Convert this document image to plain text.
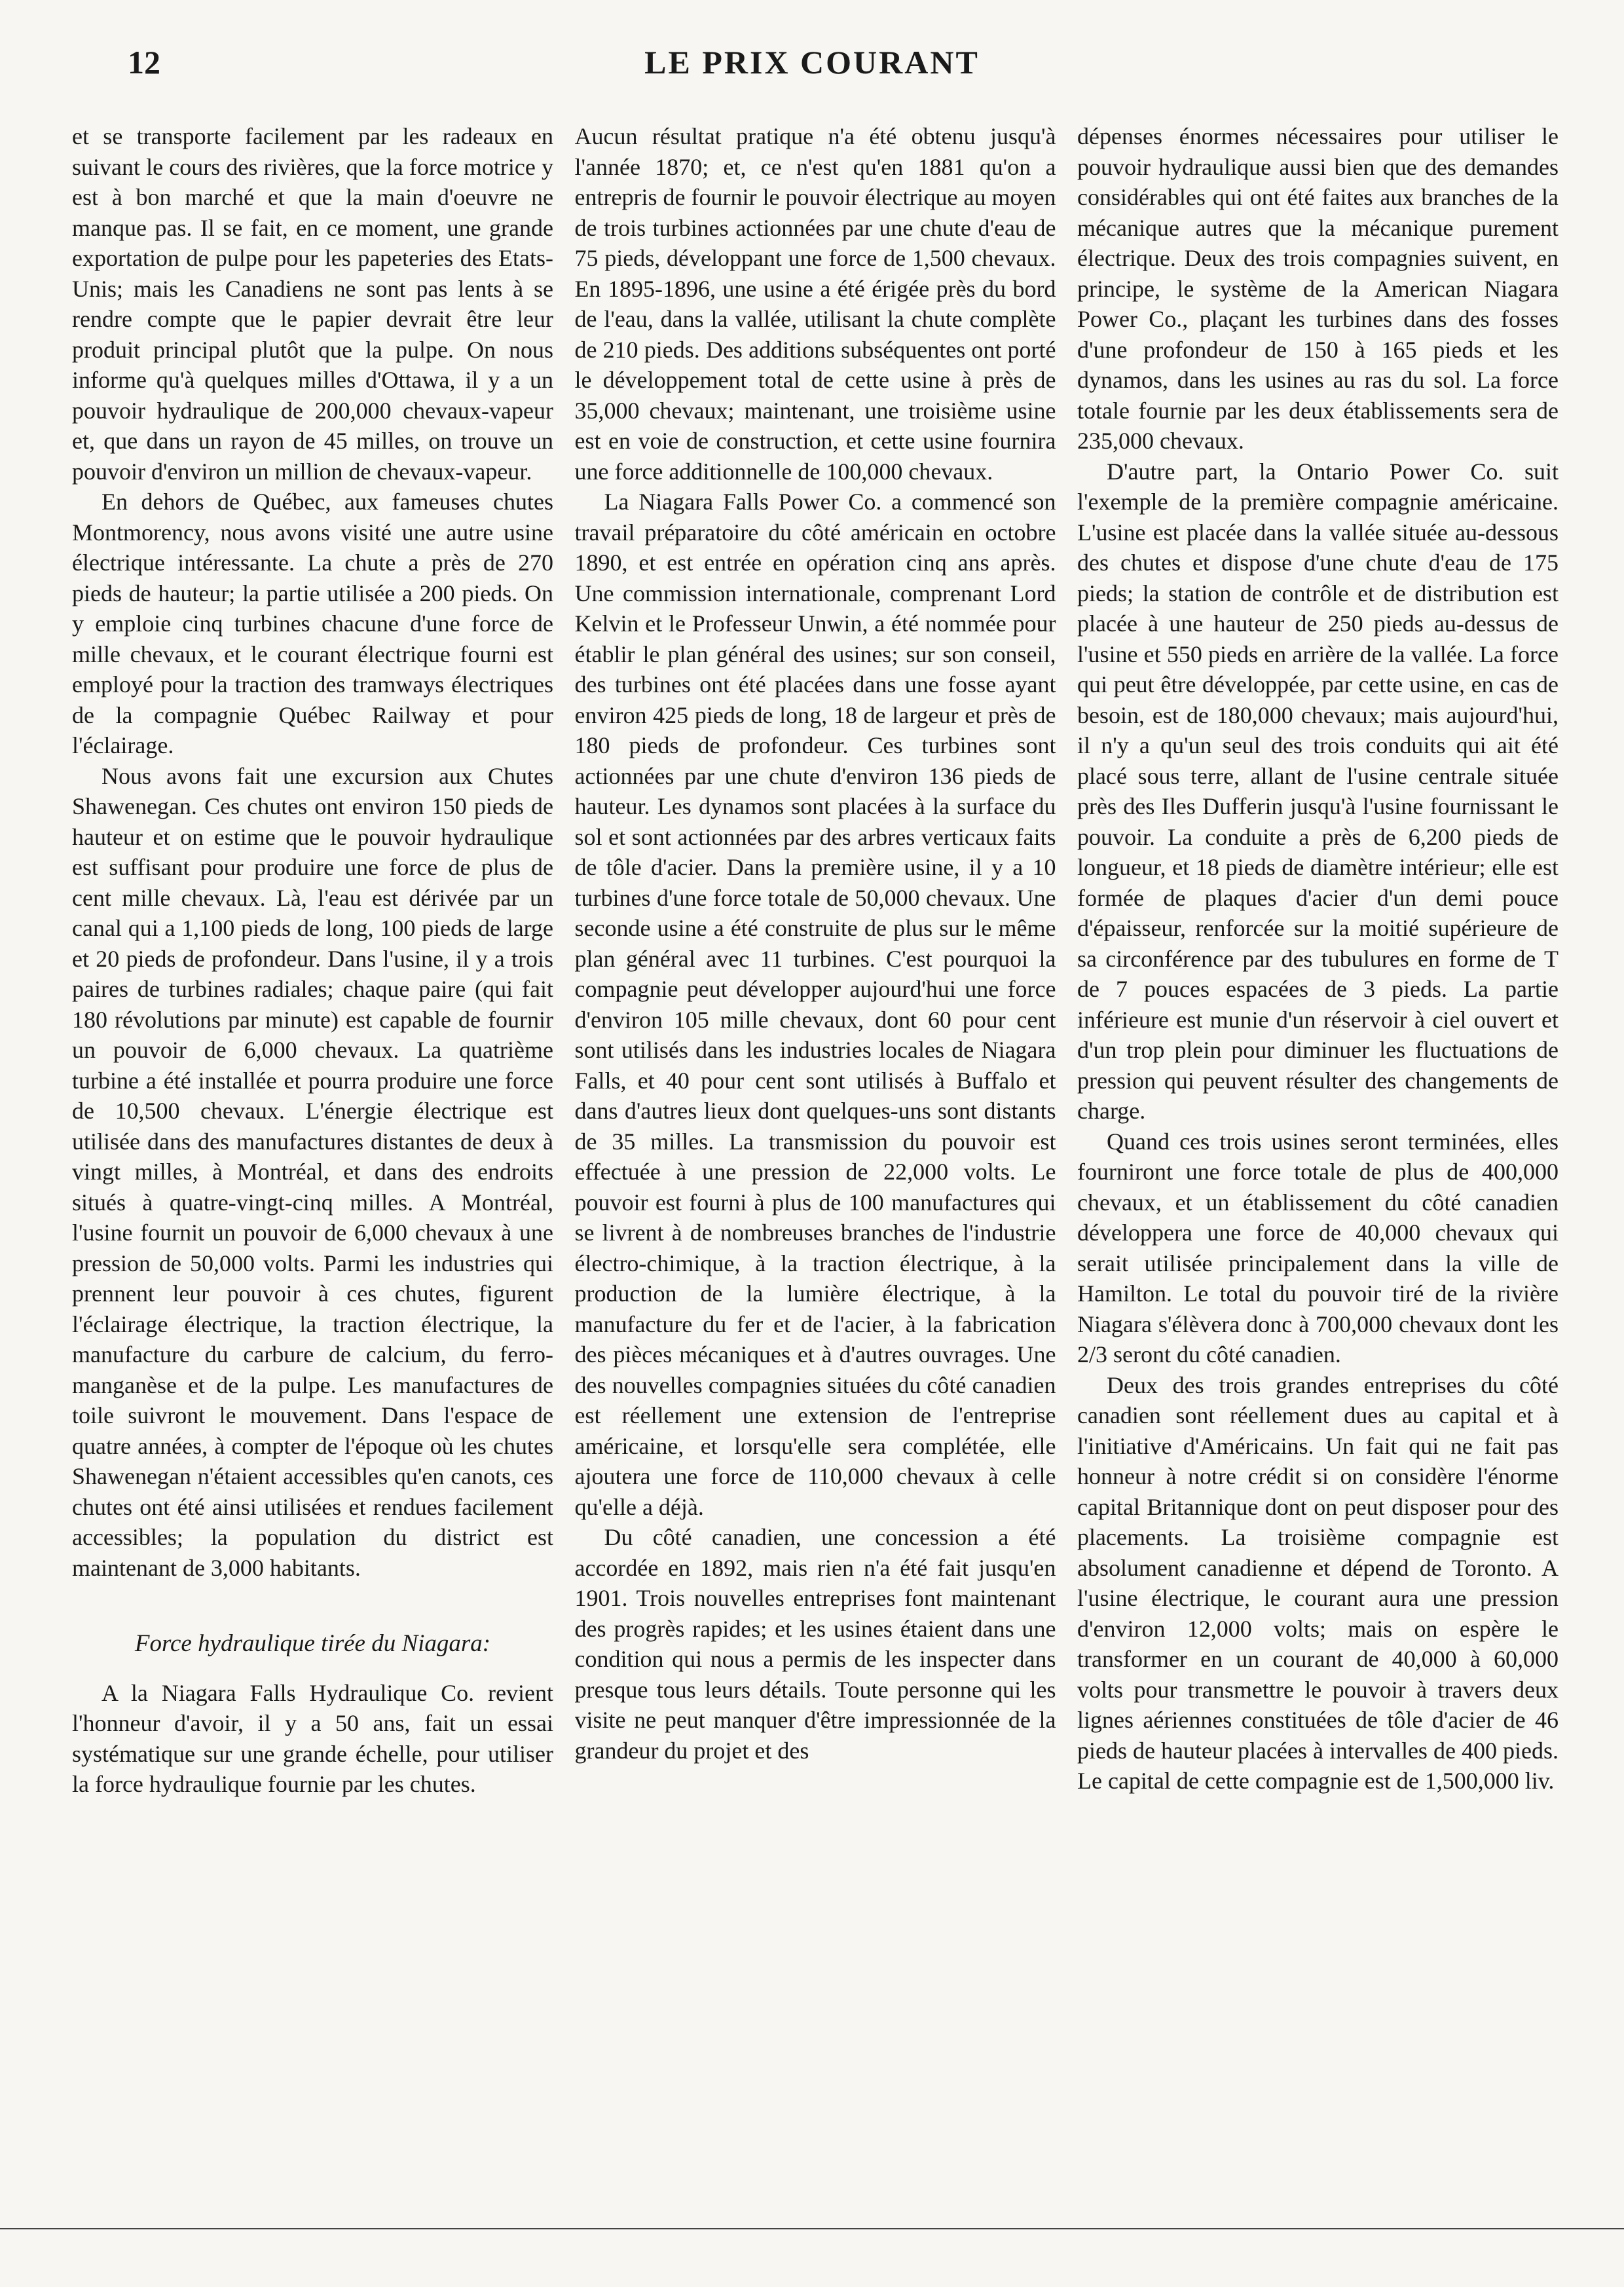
12	LE PRIX COURANT

et se transporte facilement par les radeaux en suivant le cours des rivières, que la force motrice y est à bon marché et que la main d'oeuvre ne manque pas. Il se fait, en ce moment, une grande exportation de pulpe pour les papeteries des Etats-Unis; mais les Canadiens ne sont pas lents à se rendre compte que le papier devrait être leur produit principal plutôt que la pulpe. On nous informe qu'à quelques milles d'Ottawa, il y a un pouvoir hydraulique de 200,000 chevaux-vapeur et, que dans un rayon de 45 milles, on trouve un pouvoir d'environ un million de chevaux-vapeur.

En dehors de Québec, aux fameuses chutes Montmorency, nous avons visité une autre usine électrique intéressante. La chute a près de 270 pieds de hauteur; la partie utilisée a 200 pieds. On y emploie cinq turbines chacune d'une force de mille chevaux, et le courant électrique fourni est employé pour la traction des tramways électriques de la compagnie Québec Railway et pour l'éclairage.

Nous avons fait une excursion aux Chutes Shawenegan. Ces chutes ont environ 150 pieds de hauteur et on estime que le pouvoir hydraulique est suffisant pour produire une force de plus de cent mille chevaux. Là, l'eau est dérivée par un canal qui a 1,100 pieds de long, 100 pieds de large et 20 pieds de profondeur. Dans l'usine, il y a trois paires de turbines radiales; chaque paire (qui fait 180 révolutions par minute) est capable de fournir un pouvoir de 6,000 chevaux. La quatrième turbine a été installée et pourra produire une force de 10,500 chevaux. L'énergie électrique est utilisée dans des manufactures distantes de deux à vingt milles, à Montréal, et dans des endroits situés à quatre-vingt-cinq milles. A Montréal, l'usine fournit un pouvoir de 6,000 chevaux à une pression de 50,000 volts. Parmi les industries qui prennent leur pouvoir à ces chutes, figurent l'éclairage électrique, la traction électrique, la manufacture du carbure de calcium, du ferro-manganèse et de la pulpe. Les manufactures de toile suivront le mouvement. Dans l'espace de quatre années, à compter de l'époque où les chutes Shawenegan n'étaient accessibles qu'en canots, ces chutes ont été ainsi utilisées et rendues facilement accessibles; la population du district est maintenant de 3,000 habitants.

Force hydraulique tirée du Niagara:

A la Niagara Falls Hydraulique Co. revient l'honneur d'avoir, il y a 50 ans, fait un essai systématique sur une grande échelle, pour utiliser la force hydraulique fournie par les chutes.

Aucun résultat pratique n'a été obtenu jusqu'à l'année 1870; et, ce n'est qu'en 1881 qu'on a entrepris de fournir le pouvoir électrique au moyen de trois turbines actionnées par une chute d'eau de 75 pieds, développant une force de 1,500 chevaux. En 1895-1896, une usine a été érigée près du bord de l'eau, dans la vallée, utilisant la chute complète de 210 pieds. Des additions subséquentes ont porté le développement total de cette usine à près de 35,000 chevaux; maintenant, une troisième usine est en voie de construction, et cette usine fournira une force additionnelle de 100,000 chevaux.

La Niagara Falls Power Co. a commencé son travail préparatoire du côté américain en octobre 1890, et est entrée en opération cinq ans après. Une commission internationale, comprenant Lord Kelvin et le Professeur Unwin, a été nommée pour établir le plan général des usines; sur son conseil, des turbines ont été placées dans une fosse ayant environ 425 pieds de long, 18 de largeur et près de 180 pieds de profondeur. Ces turbines sont actionnées par une chute d'environ 136 pieds de hauteur. Les dynamos sont placées à la surface du sol et sont actionnées par des arbres verticaux faits de tôle d'acier. Dans la première usine, il y a 10 turbines d'une force totale de 50,000 chevaux. Une seconde usine a été construite de plus sur le même plan général avec 11 turbines. C'est pourquoi la compagnie peut développer aujourd'hui une force d'environ 105 mille chevaux, dont 60 pour cent sont utilisés dans les industries locales de Niagara Falls, et 40 pour cent sont utilisés à Buffalo et dans d'autres lieux dont quelques-uns sont distants de 35 milles. La transmission du pouvoir est effectuée à une pression de 22,000 volts. Le pouvoir est fourni à plus de 100 manufactures qui se livrent à de nombreuses branches de l'industrie électro-chimique, à la traction électrique, à la production de la lumière électrique, à la manufacture du fer et de l'acier, à la fabrication des pièces mécaniques et à d'autres ouvrages. Une des nouvelles compagnies situées du côté canadien est réellement une extension de l'entreprise américaine, et lorsqu'elle sera complétée, elle ajoutera une force de 110,000 chevaux à celle qu'elle a déjà.

Du côté canadien, une concession a été accordée en 1892, mais rien n'a été fait jusqu'en 1901. Trois nouvelles entreprises font maintenant des progrès rapides; et les usines étaient dans une condition qui nous a permis de les inspecter dans presque tous leurs détails. Toute personne qui les visite ne peut manquer d'être impressionnée de la grandeur du projet et des

dépenses énormes nécessaires pour utiliser le pouvoir hydraulique aussi bien que des demandes considérables qui ont été faites aux branches de la mécanique autres que la mécanique purement électrique. Deux des trois compagnies suivent, en principe, le système de la American Niagara Power Co., plaçant les turbines dans des fosses d'une profondeur de 150 à 165 pieds et les dynamos, dans les usines au ras du sol. La force totale fournie par les deux établissements sera de 235,000 chevaux.

D'autre part, la Ontario Power Co. suit l'exemple de la première compagnie américaine. L'usine est placée dans la vallée située au-dessous des chutes et dispose d'une chute d'eau de 175 pieds; la station de contrôle et de distribution est placée à une hauteur de 250 pieds au-dessus de l'usine et 550 pieds en arrière de la vallée. La force qui peut être développée, par cette usine, en cas de besoin, est de 180,000 chevaux; mais aujourd'hui, il n'y a qu'un seul des trois conduits qui ait été placé sous terre, allant de l'usine centrale située près des Iles Dufferin jusqu'à l'usine fournissant le pouvoir. La conduite a près de 6,200 pieds de longueur, et 18 pieds de diamètre intérieur; elle est formée de plaques d'acier d'un demi pouce d'épaisseur, renforcée sur la moitié supérieure de sa circonférence par des tubulures en forme de T de 7 pouces espacées de 3 pieds. La partie inférieure est munie d'un réservoir à ciel ouvert et d'un trop plein pour diminuer les fluctuations de pression qui peuvent résulter des changements de charge.

Quand ces trois usines seront terminées, elles fourniront une force totale de plus de 400,000 chevaux, et un établissement du côté canadien développera une force de 40,000 chevaux qui serait utilisée principalement dans la ville de Hamilton. Le total du pouvoir tiré de la rivière Niagara s'élèvera donc à 700,000 chevaux dont les 2/3 seront du côté canadien.

Deux des trois grandes entreprises du côté canadien sont réellement dues au capital et à l'initiative d'Américains. Un fait qui ne fait pas honneur à notre crédit si on considère l'énorme capital Britannique dont on peut disposer pour des placements. La troisième compagnie est absolument canadienne et dépend de Toronto. A l'usine électrique, le courant aura une pression d'environ 12,000 volts; mais on espère le transformer en un courant de 40,000 à 60,000 volts pour transmettre le pouvoir à travers deux lignes aériennes constituées de tôle d'acier de 46 pieds de hauteur placées à intervalles de 400 pieds. Le capital de cette compagnie est de 1,500,000 liv.
